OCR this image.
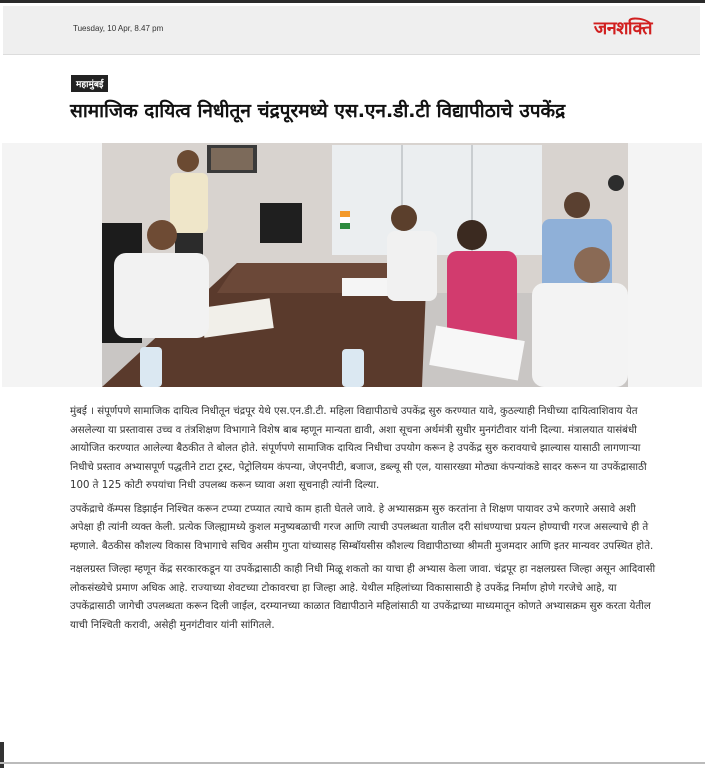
Tuesday, 10 Apr, 8.47 pm	जनशक्ति
महामुंबई
सामाजिक दायित्व निधीतून चंद्रपूरमध्ये एस.एन.डी.टी विद्यापीठाचे उपकेंद्र

मुंबई । संपूर्णपणे सामाजिक दायित्व निधीतून चंद्रपूर येथे एस.एन.डी.टी. महिला विद्यापीठाचे उपकेंद्र सुरु करण्यात यावे, कुठल्याही निधीच्या दायित्वाशिवाय येत असलेल्या या प्रस्तावास उच्च व तंत्रशिक्षण विभागाने विशेष बाब म्हणून मान्यता द्यावी, अशा सूचना अर्थमंत्री सुधीर मुनगंटीवार यांनी दिल्या. मंत्रालयात यासंबंधी आयोजित करण्यात आलेल्या बैठकीत ते बोलत होते. संपूर्णपणे सामाजिक दायित्व निधीचा उपयोग करून हे उपकेंद्र सुरु करावयाचे झाल्यास यासाठी लागणाऱ्या निधीचे प्रस्ताव अभ्यासपूर्ण पद्धतीने टाटा ट्रस्ट, पेट्रोलियम कंपन्या, जेएनपीटी, बजाज, डब्ल्यू सी एल, यासारख्या मोठ्या कंपन्यांकडे सादर करून या उपकेंद्रासाठी 100 ते 125 कोटी रुपयांचा निधी उपलब्ध करून घ्यावा अशा सूचनाही त्यांनी दिल्या.

उपकेंद्राचे कॅम्पस डिझाईन निश्चित करून टप्प्या टप्प्यात त्याचे काम हाती घेतले जावे. हे अभ्यासक्रम सुरु करतांना ते शिक्षण पायावर उभे करणारे असावे अशी अपेक्षा ही त्यांनी व्यक्त केली. प्रत्येक जिल्ह्यामध्ये कुशल मनुष्यबळाची गरज आणि त्याची उपलब्धता यातील दरी सांधण्याचा प्रयत्न होण्याची गरज असल्याचे ही ते म्हणाले. बैठकीस कौशल्य विकास विभागाचे सचिव असीम गुप्ता यांच्यासह सिम्बॉयसीस कौशल्य विद्यापीठाच्या श्रीमती मुजमदार आणि इतर मान्यवर उपस्थित होते.

नक्षलग्रस्त जिल्हा म्हणून केंद्र सरकारकडून या उपकेंद्रासाठी काही निधी मिळू शकतो का याचा ही अभ्यास केला जावा. चंद्रपूर हा नक्षलग्रस्त जिल्हा असून आदिवासी लोकसंख्येचे प्रमाण अधिक आहे. राज्याच्या शेवटच्या टोकावरचा हा जिल्हा आहे. येथील महिलांच्या विकासासाठी हे उपकेंद्र निर्माण होणे गरजेचे आहे, या उपकेंद्रासाठी जागेची उपलब्धता करून दिली जाईल, दरम्यानच्या काळात विद्यापीठाने महिलांसाठी या उपकेंद्राच्या माध्यमातून कोणते अभ्यासक्रम सुरु करता येतील याची निश्चिती करावी, असेही मुनगंटीवार यांनी सांगितले.
